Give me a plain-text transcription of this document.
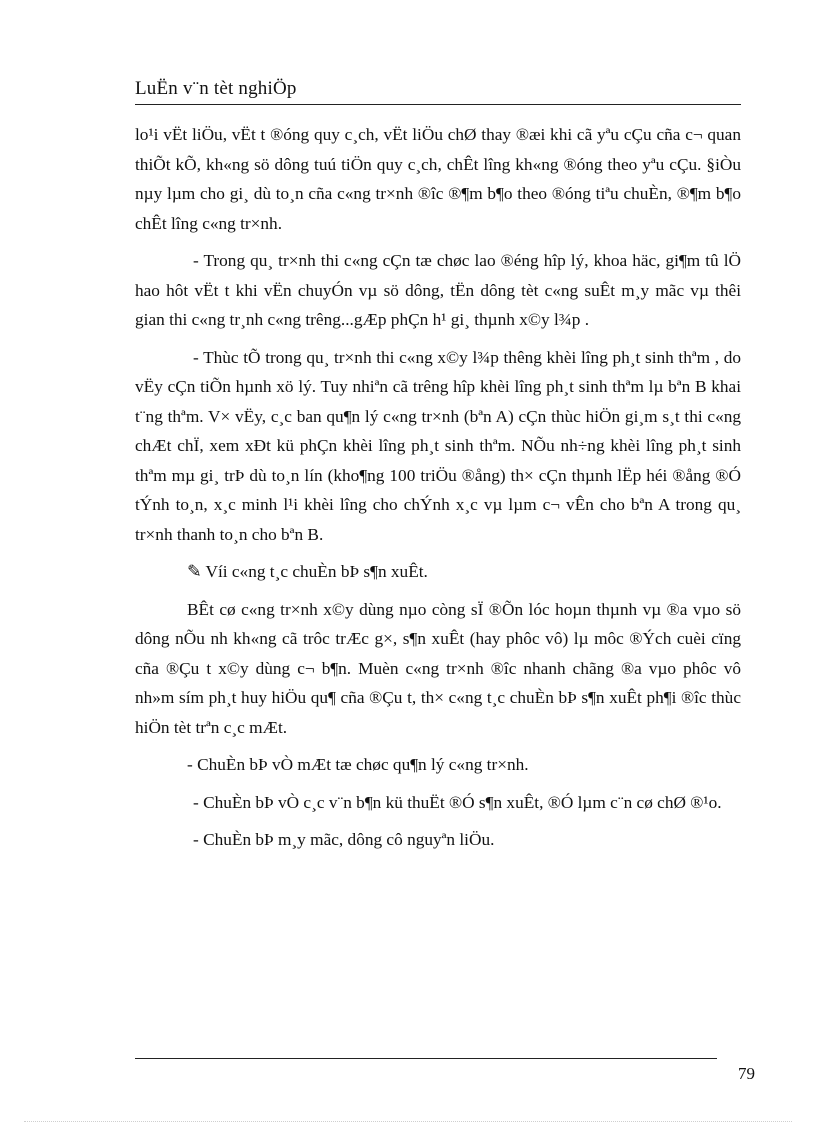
LuËn v¨n tèt nghiÖp

lo¹i vËt liÖu, vËt t ®óng quy c¸ch, vËt liÖu chØ thay ®æi khi cã yªu cÇu cña c¬ quan thiÕt kÕ, kh«ng sö dông tuú tiÖn quy c¸ch, chÊt lîng kh«ng ®óng theo yªu cÇu. §iÒu nµy lµm cho gi¸ dù to¸n cña c«ng tr×nh ®îc ®¶m b¶o theo ®óng tiªu chuÈn, ®¶m b¶o chÊt lîng c«ng tr×nh.

- Trong qu¸ tr×nh thi c«ng cÇn tæ chøc lao ®éng hîp lý, khoa häc, gi¶m tû lÖ hao hôt vËt t khi vËn chuyÓn vµ sö dông, tËn dông tèt c«ng suÊt m¸y mãc vµ thêi gian thi c«ng tr¸nh c«ng trêng...gÆp phÇn h¹ gi¸ thµnh x©y l¾p .

- Thùc tÕ trong qu¸ tr×nh thi c«ng x©y l¾p thêng khèi lîng ph¸t sinh thªm , do vËy cÇn tiÕn hµnh xö lý. Tuy nhiªn cã trêng hîp khèi lîng ph¸t sinh thªm lµ bªn B khai t¨ng thªm. V× vËy, c¸c ban qu¶n lý c«ng tr×nh (bªn A) cÇn thùc hiÖn gi¸m s¸t thi c«ng chÆt chÏ, xem xÐt kü phÇn khèi lîng ph¸t sinh thªm. NÕu nh÷ng khèi lîng ph¸t sinh thªm mµ gi¸ trÞ dù to¸n lín (kho¶ng 100 triÖu ®ång) th× cÇn thµnh lËp héi ®ång ®Ó tÝnh to¸n, x¸c minh l¹i khèi lîng cho chÝnh x¸c vµ lµm c¬ vÊn cho bªn A trong qu¸ tr×nh thanh to¸n cho bªn B.

✎ Víi c«ng t¸c chuÈn bÞ s¶n xuÊt.

BÊt cø c«ng tr×nh x©y dùng nµo còng sÏ ®Õn lóc hoµn thµnh vµ ®a vµo sö dông nÕu nh kh«ng cã trôc trÆc g×, s¶n xuÊt (hay phôc vô) lµ môc ®Ých cuèi cïng cña ®Çu t x©y dùng c¬ b¶n. Muèn c«ng tr×nh ®îc nhanh chãng ®a vµo phôc vô nh»m sím ph¸t huy hiÖu qu¶ cña ®Çu t, th× c«ng t¸c chuÈn bÞ s¶n xuÊt ph¶i ®îc thùc hiÖn tèt trªn c¸c mÆt.

- ChuÈn bÞ vÒ mÆt tæ chøc qu¶n lý c«ng tr×nh.

- ChuÈn bÞ vÒ c¸c v¨n b¶n kü thuËt ®Ó s¶n xuÊt, ®Ó lµm c¨n cø chØ ®¹o.

- ChuÈn bÞ m¸y mãc, dông cô nguyªn liÖu.

79
